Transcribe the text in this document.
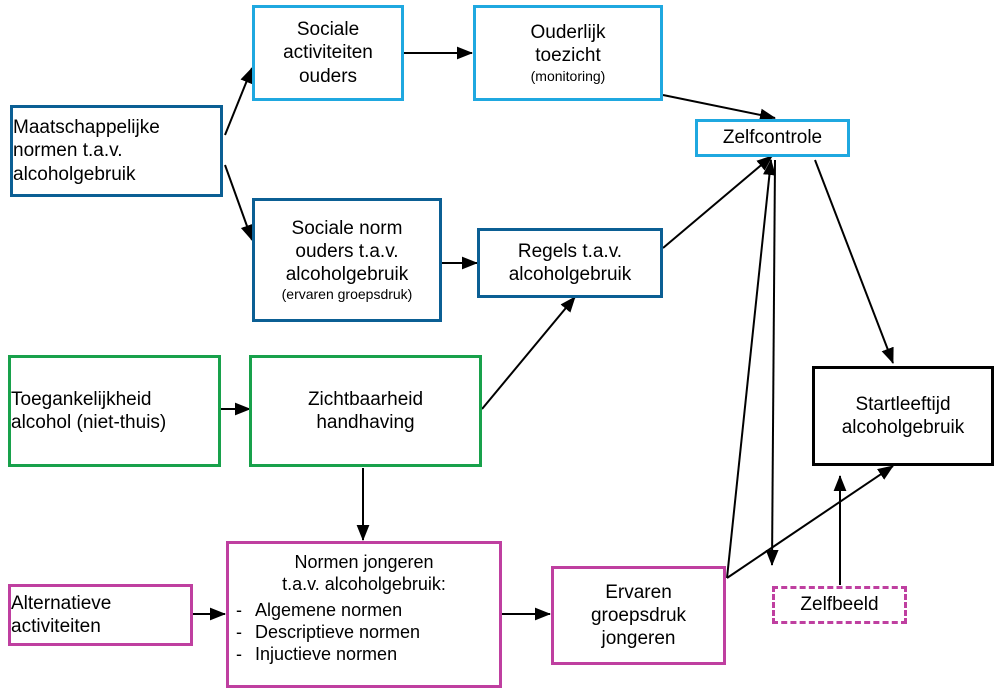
Maatschappelijke
normen t.a.v.
alcoholgebruik
Sociale
activiteiten
ouders
Ouderlijk
toezicht
(monitoring)
Zelfcontrole
Sociale norm
ouders t.a.v.
alcoholgebruik
(ervaren groepsdruk)
Regels t.a.v.
alcoholgebruik
Toegankelijkheid
alcohol (niet-thuis)
Zichtbaarheid
handhaving
Startleeftijd
alcoholgebruik
Alternatieve
activiteiten
Normen jongeren
t.a.v. alcoholgebruik:
- Algemene normen
- Descriptieve normen
- Injuctieve normen
Ervaren
groepsdruk
jongeren
Zelfbeeld
